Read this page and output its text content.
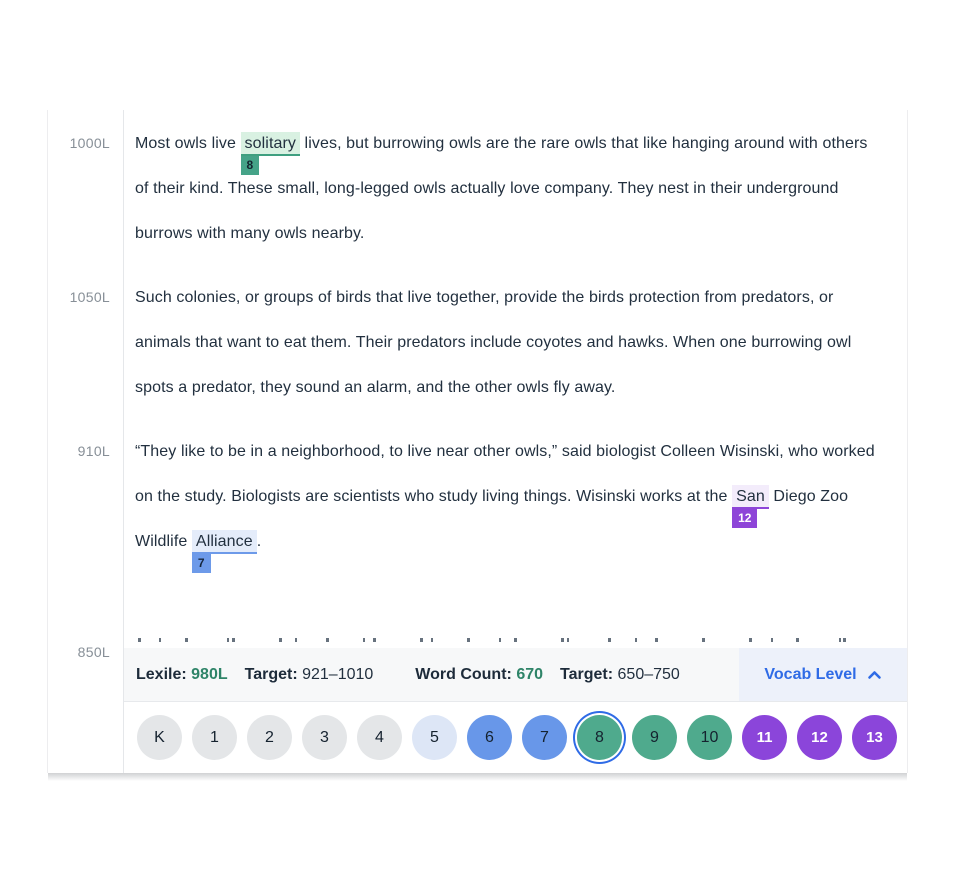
1000L	Most owls live solitary
8
lives, but burrowing owls are the rare owls that like hanging around with others of their kind. These small, long-legged owls actually love company. They nest in their underground burrows with many owls nearby.

1050L	Such colonies, or groups of birds that live together, provide the birds protection from predators, or animals that want to eat them. Their predators include coyotes and hawks. When one burrowing owl spots a predator, they sound an alarm, and the other owls fly away.

910L	“They like to be in a neighborhood, to live near other owls,” said biologist Colleen Wisinski, who worked on the study. Biologists are scientists who study living things. Wisinski works at the San
12
Diego Zoo Wildlife Alliance
7
.

850L
Lexile: 980L Target: 921–1010	Word Count: 670 Target: 650–750	Vocab Level
K	1	2	3	4	5	6	7	8	9	10	11	12	13
